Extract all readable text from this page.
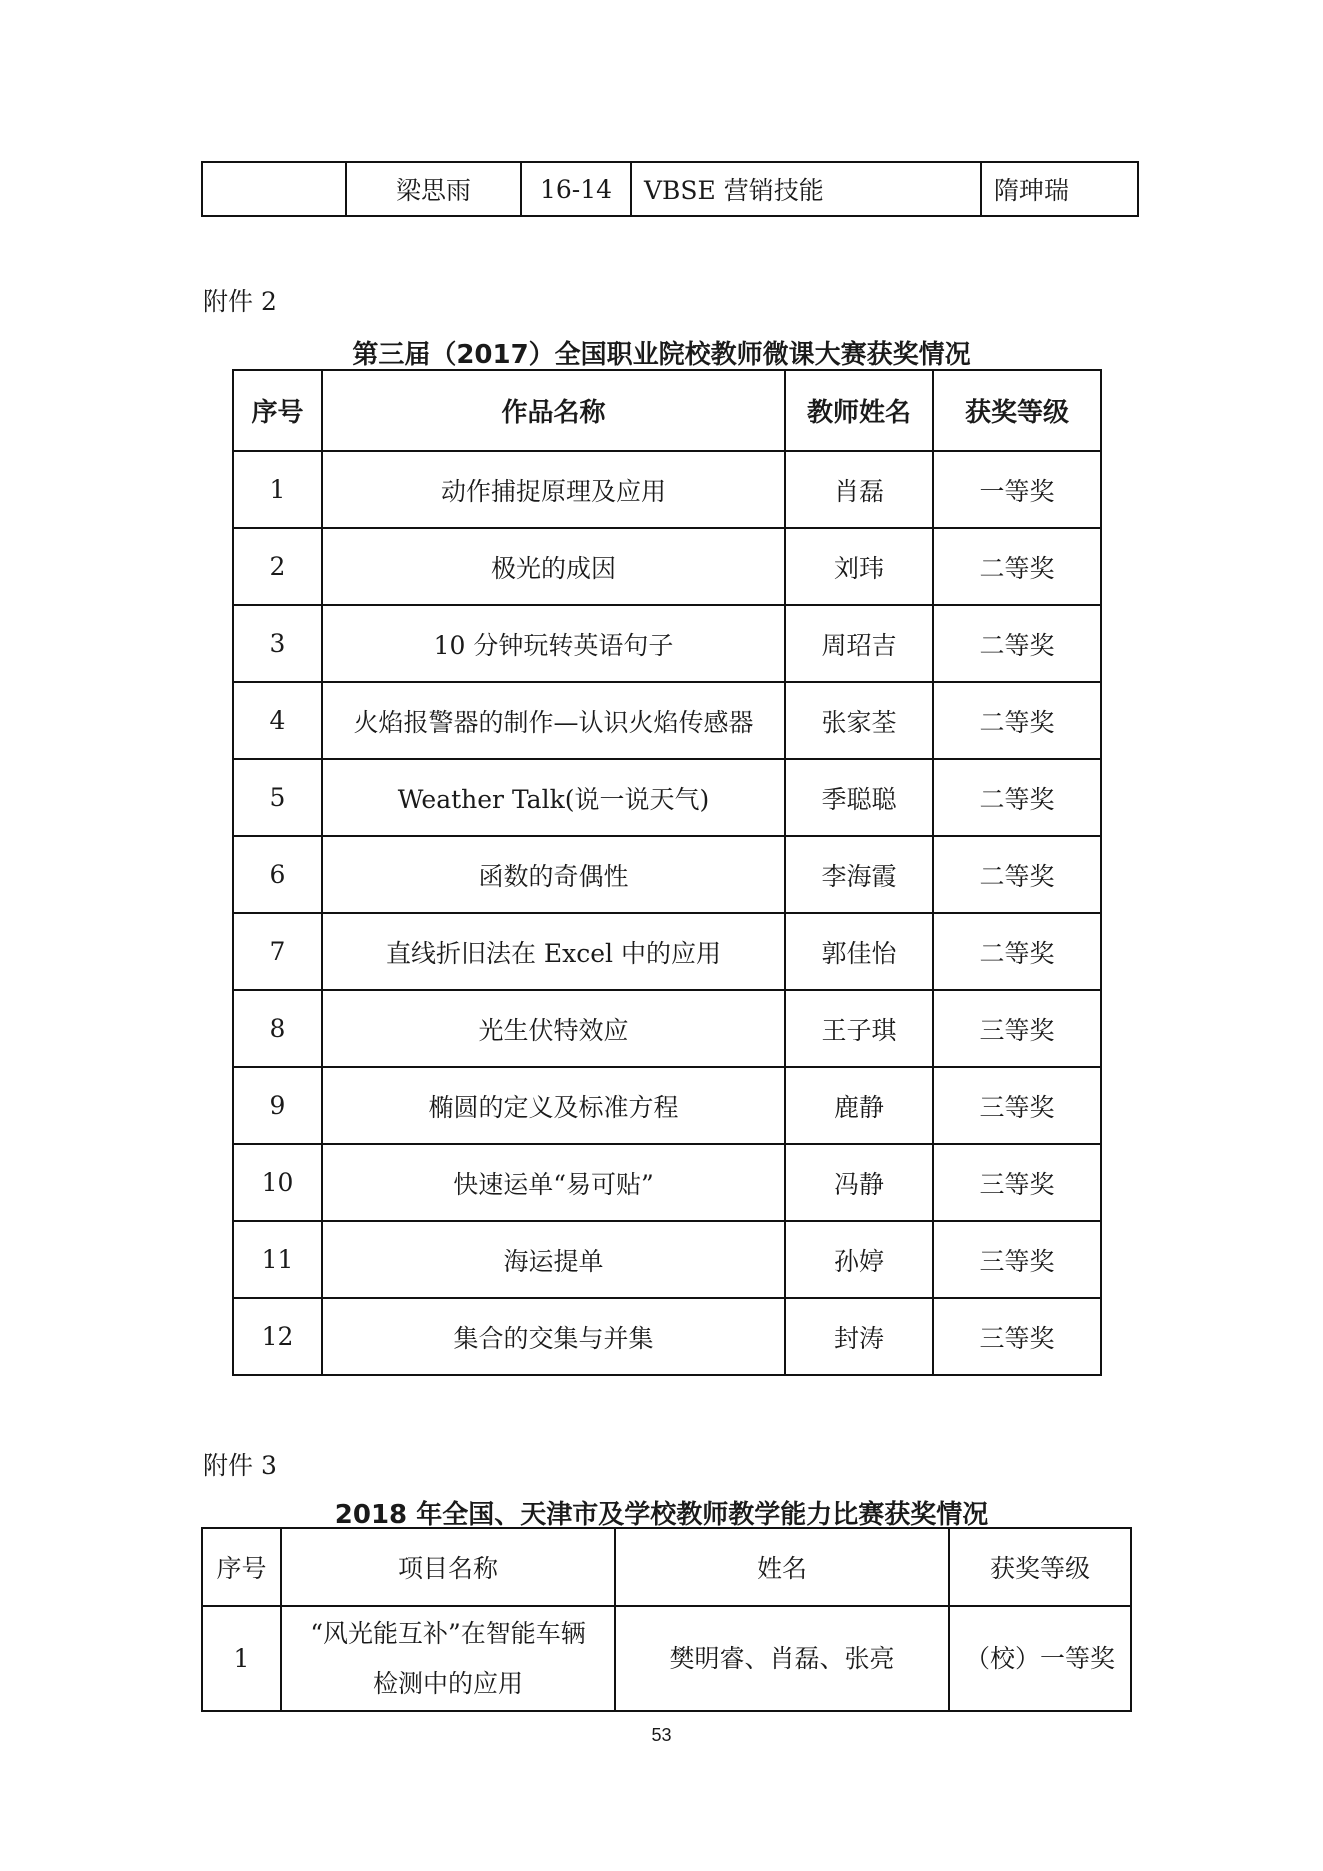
	梁思雨	16-14	VBSE 营销技能	隋珅瑞
附件 2
第三届（2017）全国职业院校教师微课大赛获奖情况
序号	作品名称	教师姓名	获奖等级
1	动作捕捉原理及应用	肖磊	一等奖
2	极光的成因	刘玮	二等奖
3	10 分钟玩转英语句子	周玿吉	二等奖
4	火焰报警器的制作—认识火焰传感器	张家荃	二等奖
5	Weather Talk(说一说天气)	季聪聪	二等奖
6	函数的奇偶性	李海霞	二等奖
7	直线折旧法在 Excel 中的应用	郭佳怡	二等奖
8	光生伏特效应	王子琪	三等奖
9	椭圆的定义及标准方程	鹿静	三等奖
10	快速运单“易可贴”	冯静	三等奖
11	海运提单	孙婷	三等奖
12	集合的交集与并集	封涛	三等奖
附件 3
2018 年全国、天津市及学校教师教学能力比赛获奖情况
序号	项目名称	姓名	获奖等级
1	“风光能互补”在智能车辆检测中的应用	樊明睿、肖磊、张亮	（校）一等奖
53
